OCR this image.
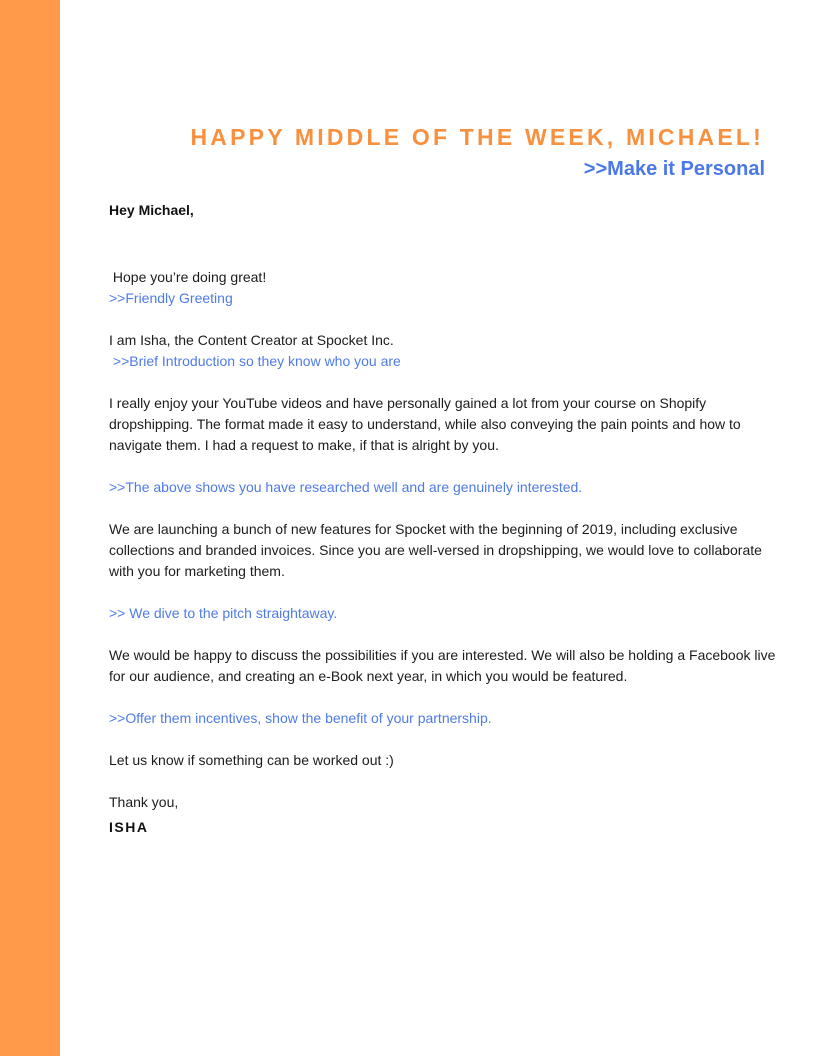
HAPPY MIDDLE OF THE WEEK, MICHAEL!
>>Make it Personal

Hey Michael,

Hope you’re doing great!

>>Friendly Greeting

I am Isha, the Content Creator at Spocket Inc.

>>Brief Introduction so they know who you are

I really enjoy your YouTube videos and have personally gained a lot from your course on Shopify dropshipping. The format made it easy to understand, while also conveying the pain points and how to navigate them. I had a request to make, if that is alright by you.

>>The above shows you have researched well and are genuinely interested.

We are launching a bunch of new features for Spocket with the beginning of 2019, including exclusive collections and branded invoices. Since you are well-versed in dropshipping, we would love to collaborate with you for marketing them.

>> We dive to the pitch straightaway.

We would be happy to discuss the possibilities if you are interested. We will also be holding a Facebook live for our audience, and creating an e-Book next year, in which you would be featured.

>>Offer them incentives, show the benefit of your partnership.

Let us know if something can be worked out :)

Thank you,

ISHA
